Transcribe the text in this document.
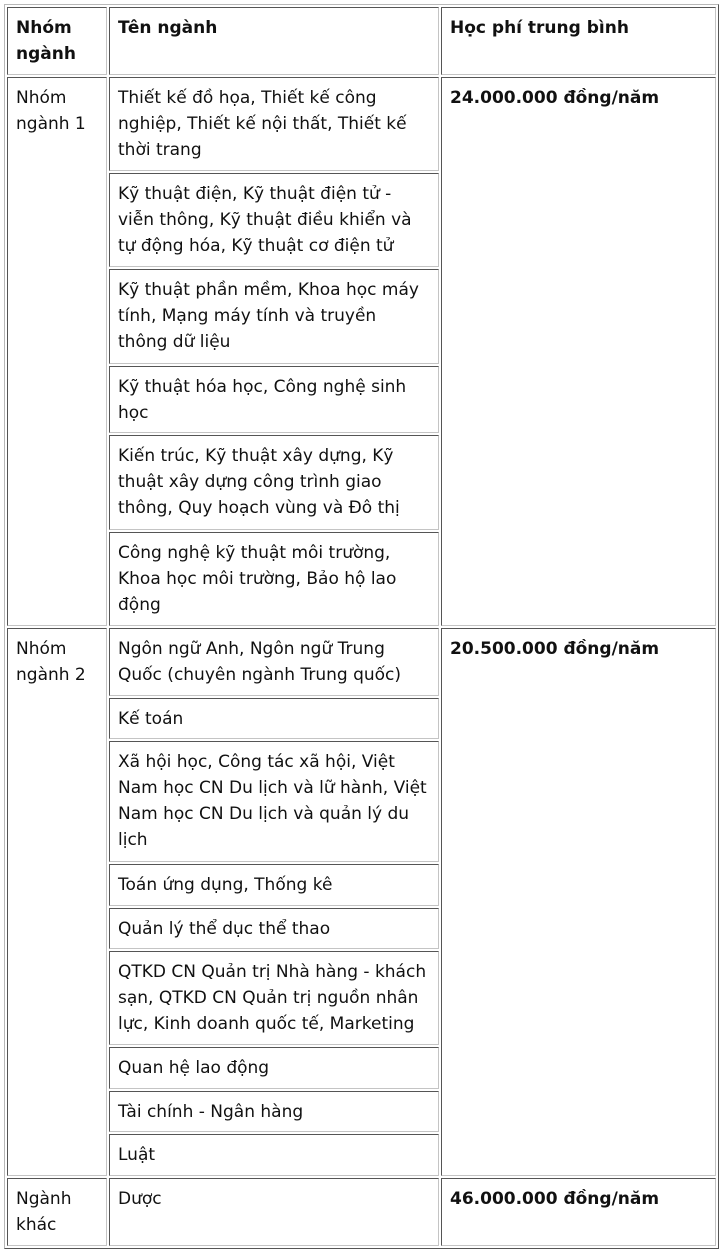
Nhóm ngành	Tên ngành	Học phí trung bình
Nhóm ngành 1	Thiết kế đồ họa, Thiết kế công nghiệp, Thiết kế nội thất, Thiết kế thời trang	24.000.000 đồng/năm
	Kỹ thuật điện, Kỹ thuật điện tử - viễn thông, Kỹ thuật điều khiển và tự động hóa, Kỹ thuật cơ điện tử	
	Kỹ thuật phần mềm, Khoa học máy tính, Mạng máy tính và truyền thông dữ liệu	
	Kỹ thuật hóa học, Công nghệ sinh học	
	Kiến trúc, Kỹ thuật xây dựng, Kỹ thuật xây dựng công trình giao thông, Quy hoạch vùng và Đô thị	
	Công nghệ kỹ thuật môi trường, Khoa học môi trường, Bảo hộ lao động	
Nhóm ngành 2	Ngôn ngữ Anh, Ngôn ngữ Trung Quốc (chuyên ngành Trung quốc)	20.500.000 đồng/năm
	Kế toán	
	Xã hội học, Công tác xã hội, Việt Nam học CN Du lịch và lữ hành, Việt Nam học CN Du lịch và quản lý du lịch	
	Toán ứng dụng, Thống kê	
	Quản lý thể dục thể thao	
	QTKD CN Quản trị Nhà hàng - khách sạn, QTKD CN Quản trị nguồn nhân lực, Kinh doanh quốc tế, Marketing	
	Quan hệ lao động	
	Tài chính - Ngân hàng	
	Luật	
Ngành khác	Dược	46.000.000 đồng/năm
